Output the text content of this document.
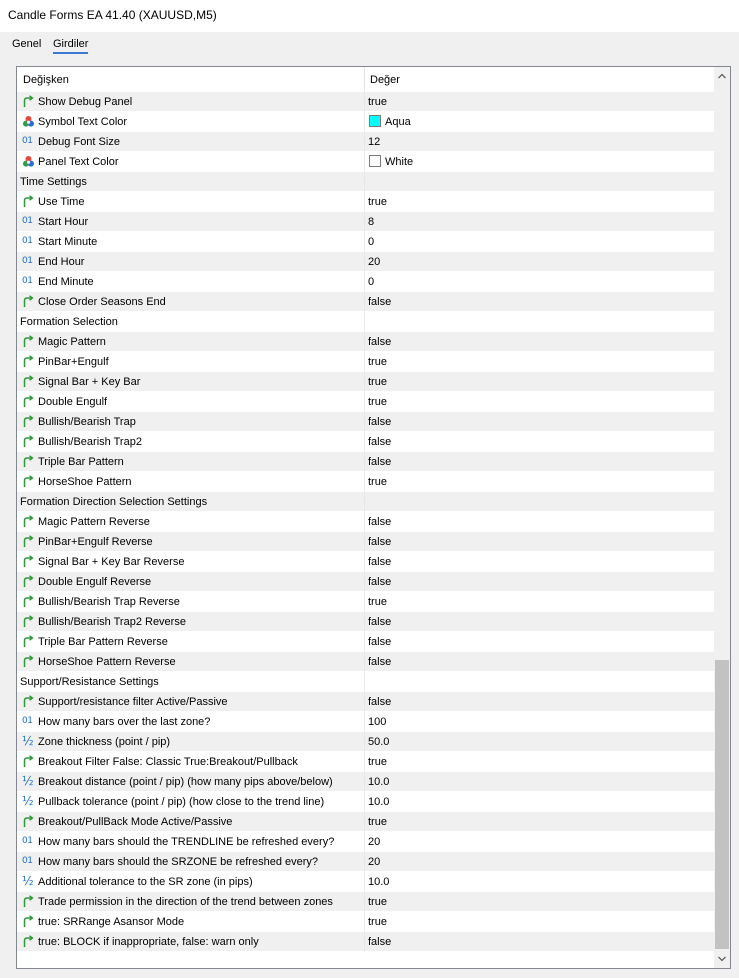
Candle Forms EA 41.40 (XAUUSD,M5)
Genel Girdiler
Değişken	Değer
Show Debug Panel	true
Symbol Text Color	Aqua
01 Debug Font Size	12
Panel Text Color	White
Time Settings
Use Time	true
01 Start Hour	8
01 Start Minute	0
01 End Hour	20
01 End Minute	0
Close Order Seasons End	false
Formation Selection
Magic Pattern	false
PinBar+Engulf	true
Signal Bar + Key Bar	true
Double Engulf	true
Bullish/Bearish Trap	false
Bullish/Bearish Trap2	false
Triple Bar Pattern	false
HorseShoe Pattern	true
Formation Direction Selection Settings
Magic Pattern Reverse	false
PinBar+Engulf Reverse	false
Signal Bar + Key Bar Reverse	false
Double Engulf Reverse	false
Bullish/Bearish Trap Reverse	true
Bullish/Bearish Trap2 Reverse	false
Triple Bar Pattern Reverse	false
HorseShoe Pattern Reverse	false
Support/Resistance Settings
Support/resistance filter Active/Passive	false
01 How many bars over the last zone?	100
½ Zone thickness (point / pip)	50.0
Breakout Filter False: Classic True:Breakout/Pullback	true
½ Breakout distance (point / pip) (how many pips above/below)	10.0
½ Pullback tolerance (point / pip) (how close to the trend line)	10.0
Breakout/PullBack Mode Active/Passive	true
01 How many bars should the TRENDLINE be refreshed every?	20
01 How many bars should the SRZONE be refreshed every?	20
½ Additional tolerance to the SR zone (in pips)	10.0
Trade permission in the direction of the trend between zones	true
true: SRRange Asansor Mode	true
true: BLOCK if inappropriate, false: warn only	false
